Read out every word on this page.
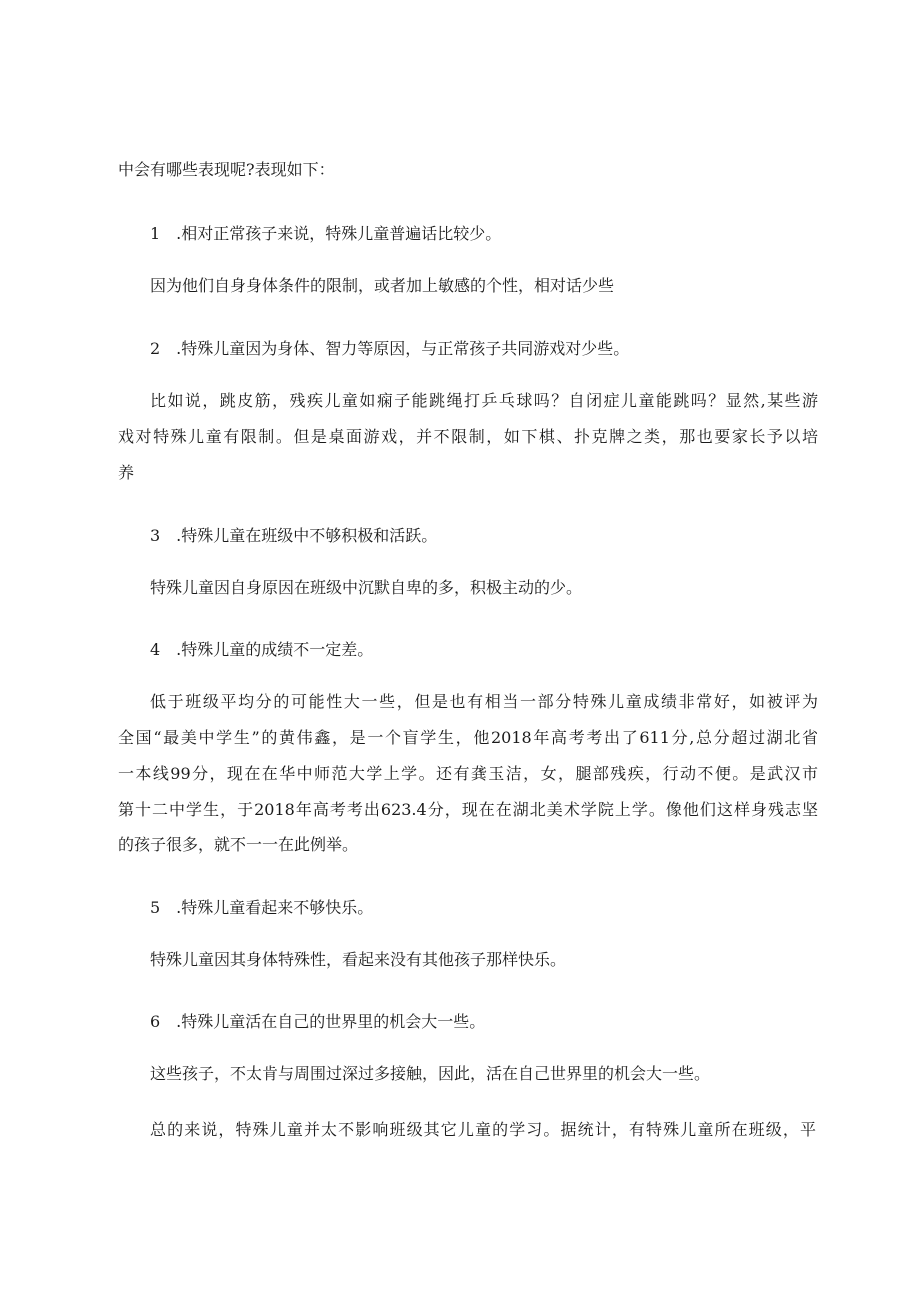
中会有哪些表现呢?表现如下：
1　.相对正常孩子来说，特殊儿童普遍话比较少。
因为他们自身身体条件的限制，或者加上敏感的个性，相对话少些
2　.特殊儿童因为身体、智力等原因，与正常孩子共同游戏对少些。
比如说，跳皮筋，残疾儿童如痫子能跳绳打乒乓球吗？自闭症儿童能跳吗？显然,某些游
戏对特殊儿童有限制。但是桌面游戏，并不限制，如下棋、扑克牌之类，那也要家长予以培
养
3　.特殊儿童在班级中不够积极和活跃。
特殊儿童因自身原因在班级中沉默自卑的多，积极主动的少。
4　.特殊儿童的成绩不一定差。
低于班级平均分的可能性大一些，但是也有相当一部分特殊儿童成绩非常好，如被评为
全国“最美中学生”的黄伟鑫，是一个盲学生，他2018年高考考出了611分,总分超过湖北省
一本线99分，现在在华中师范大学上学。还有龚玉洁，女，腿部残疾，行动不便。是武汉市
第十二中学生，于2018年高考考出623.4分，现在在湖北美术学院上学。像他们这样身残志坚
的孩子很多，就不一一在此例举。
5　.特殊儿童看起来不够快乐。
特殊儿童因其身体特殊性，看起来没有其他孩子那样快乐。
6　.特殊儿童活在自己的世界里的机会大一些。
这些孩子，不太肯与周围过深过多接触，因此，活在自己世界里的机会大一些。
总的来说，特殊儿童并太不影响班级其它儿童的学习。据统计，有特殊儿童所在班级，平
